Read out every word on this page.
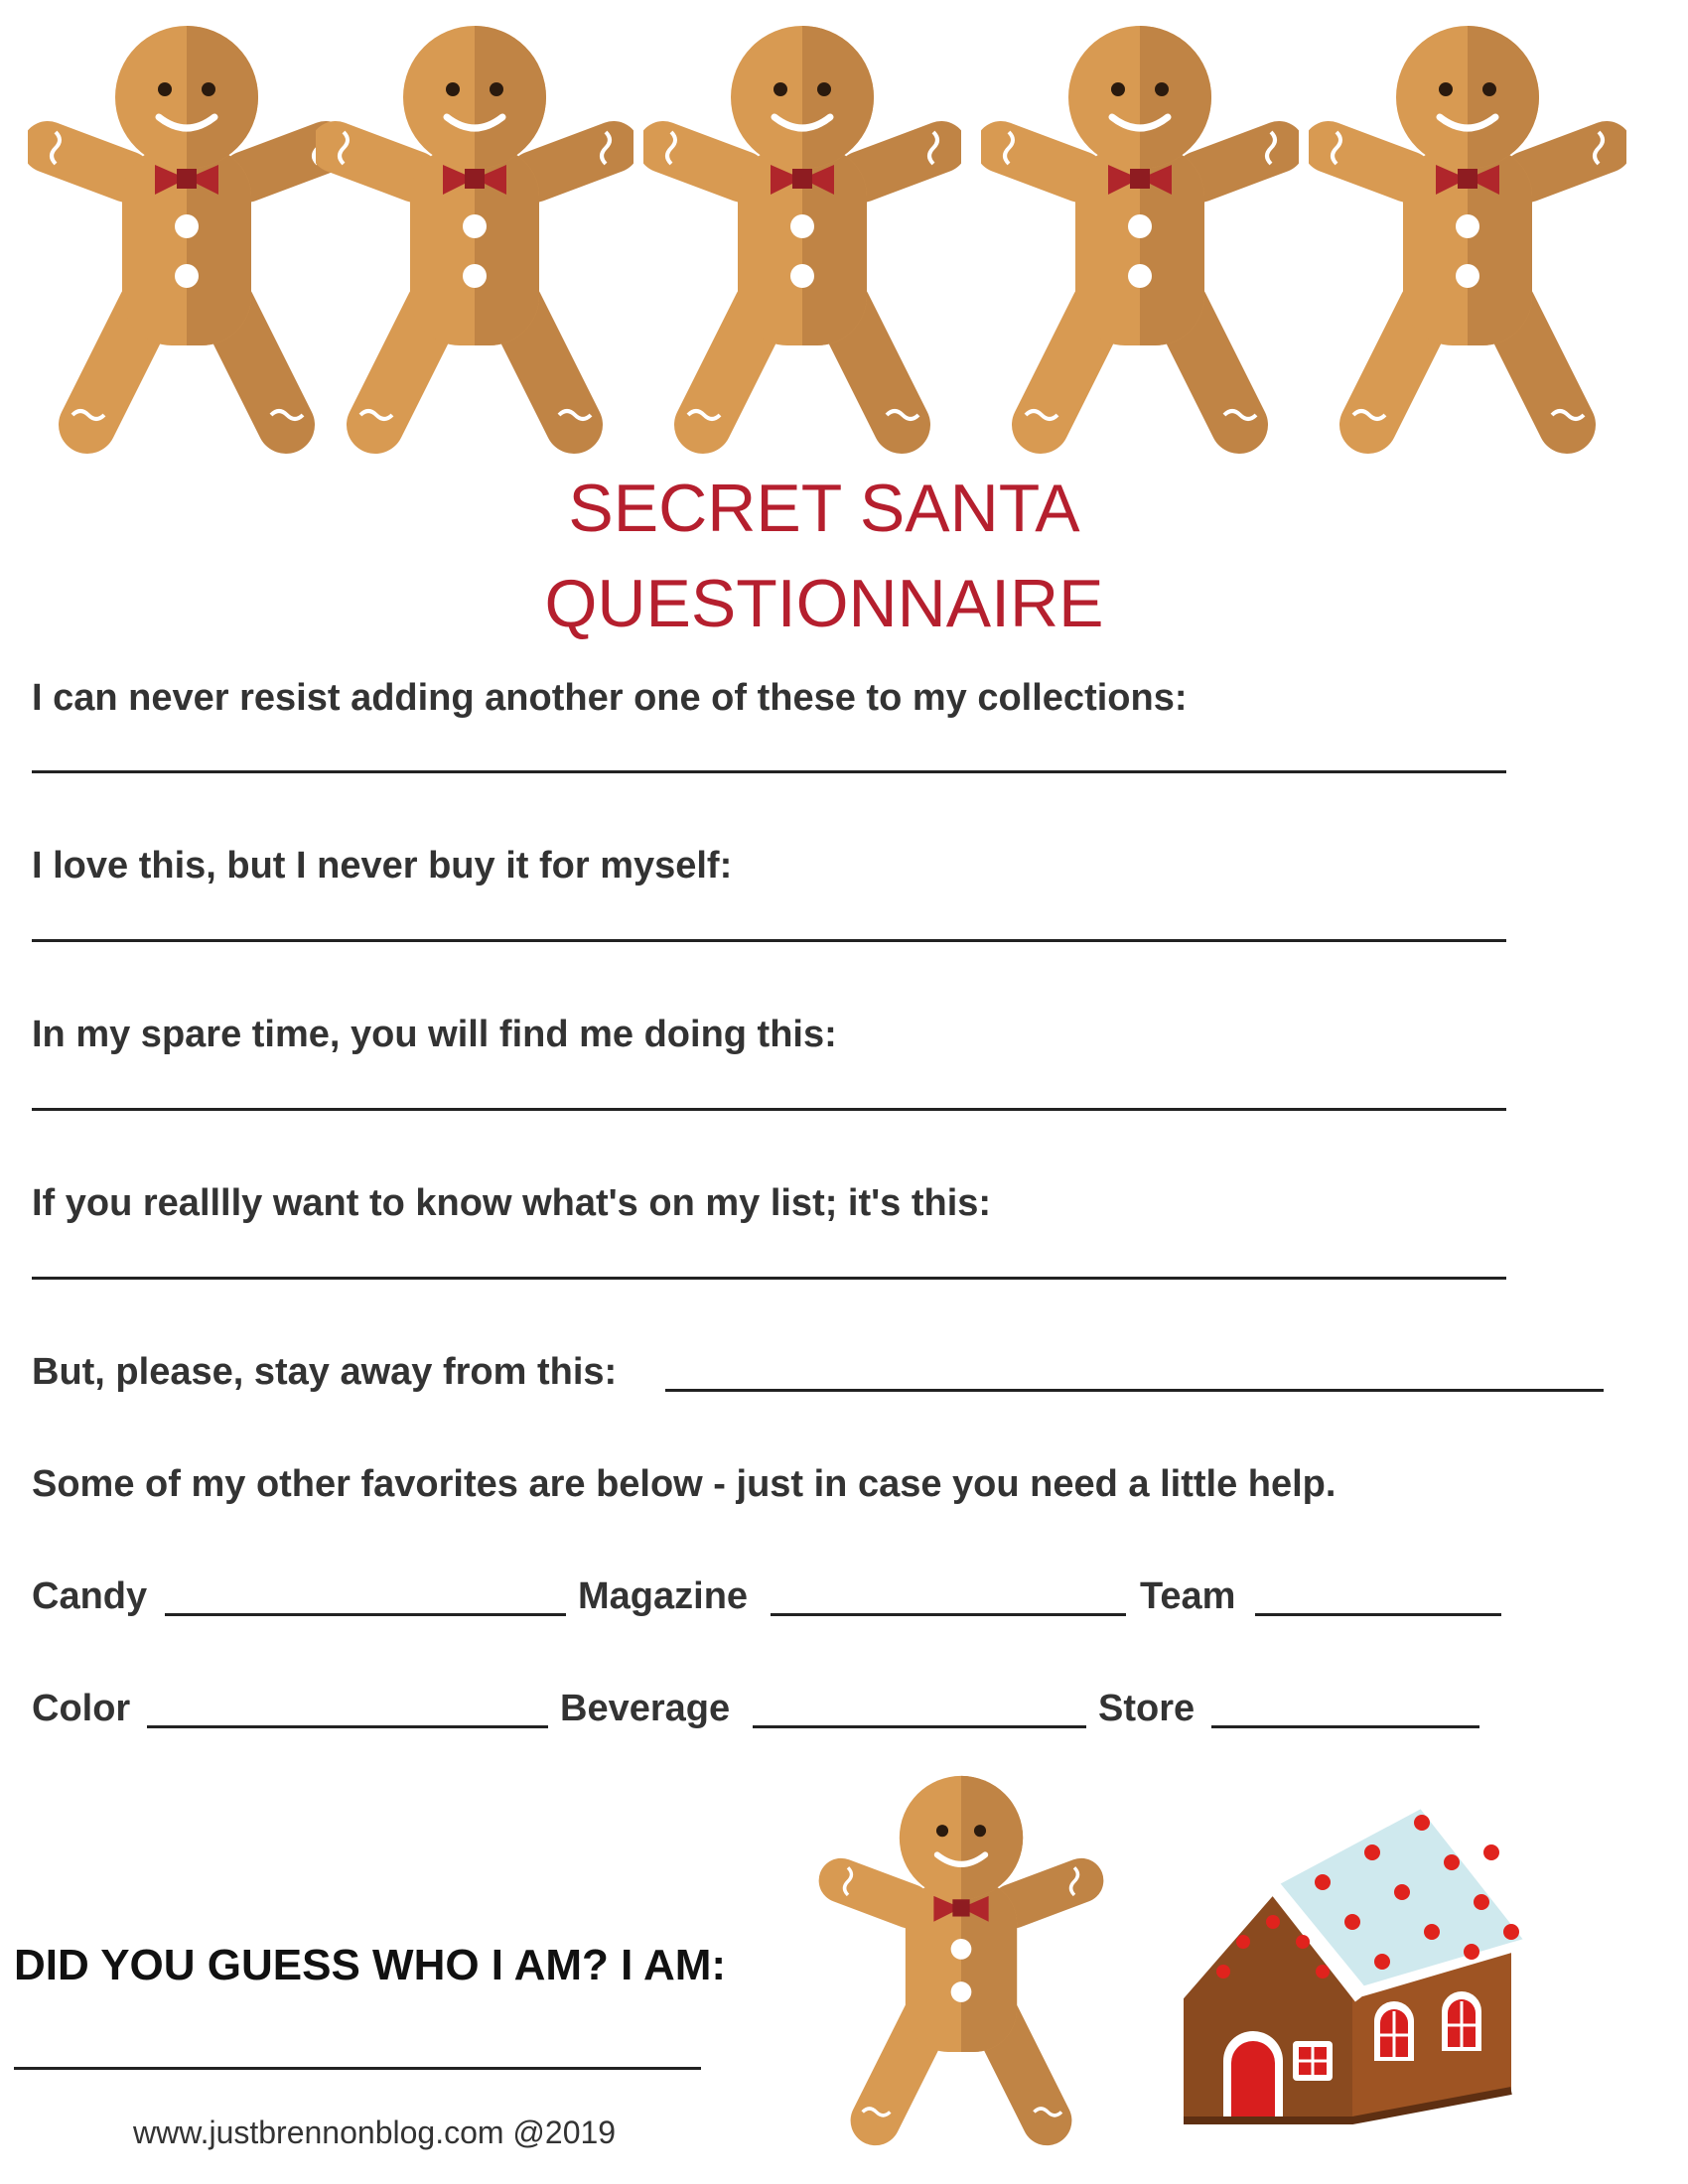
SECRET SANTA
QUESTIONNAIRE

I can never resist adding another one of these to my collections:

I love this, but I never buy it for myself:

In my spare time, you will find me doing this:

If you realllly want to know what's on my list; it's this:

But, please, stay away from this:

Some of my other favorites are below - just in case you need a little help.

Candy	Magazine	Team
Color	Beverage	Store
DID YOU GUESS WHO I AM? I AM:
www.justbrennonblog.com @2019
